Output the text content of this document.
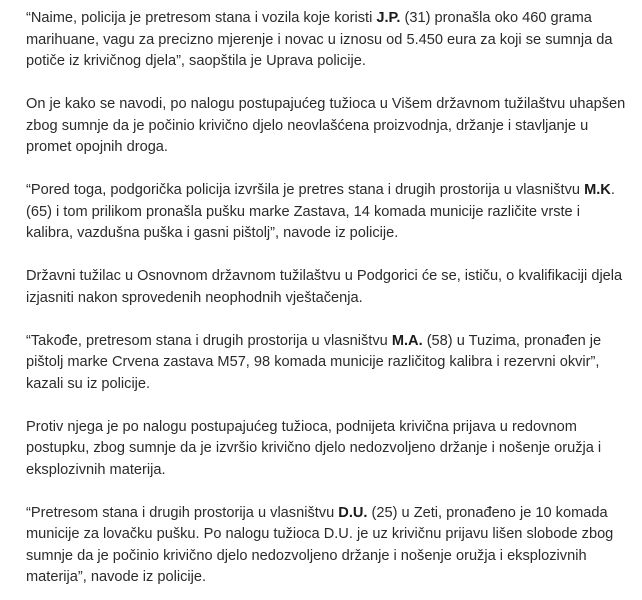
“Naime, policija je pretresom stana i vozila koje koristi J.P. (31) pronašla oko 460 grama marihuane, vagu za precizno mjerenje i novac u iznosu od 5.450 eura za koji se sumnja da potiče iz krivičnog djela”, saopštila je Uprava policije.

On je kako se navodi, po nalogu postupajućeg tužioca u Višem državnom tužilaštvu uhapšen zbog sumnje da je počinio krivično djelo neovlašćena proizvodnja, držanje i stavljanje u promet opojnih droga.

“Pored toga, podgorička policija izvršila je pretres stana i drugih prostorija u vlasništvu M.K. (65) i tom prilikom pronašla pušku marke Zastava, 14 komada municije različite vrste i kalibra, vazdušna puška i gasni pištolj”, navode iz policije.

Državni tužilac u Osnovnom državnom tužilaštvu u Podgorici će se, ističu, o kvalifikaciji djela izjasniti nakon sprovedenih neophodnih vještačenja.

“Takođe, pretresom stana i drugih prostorija u vlasništvu M.A. (58) u Tuzima, pronađen je pištolj marke Crvena zastava M57, 98 komada municije različitog kalibra i rezervni okvir”, kazali su iz policije.

Protiv njega je po nalogu postupajućeg tužioca, podnijeta krivična prijava u redovnom postupku, zbog sumnje da je izvršio krivično djelo nedozvoljeno držanje i nošenje oružja i eksplozivnih materija.

“Pretresom stana i drugih prostorija u vlasništvu D.U. (25) u Zeti, pronađeno je 10 komada municije za lovačku pušku. Po nalogu tužioca D.U. je uz krivičnu prijavu lišen slobode zbog sumnje da je počinio krivično djelo nedozvoljeno držanje i nošenje oružja i eksplozivnih materija”, navode iz policije.
